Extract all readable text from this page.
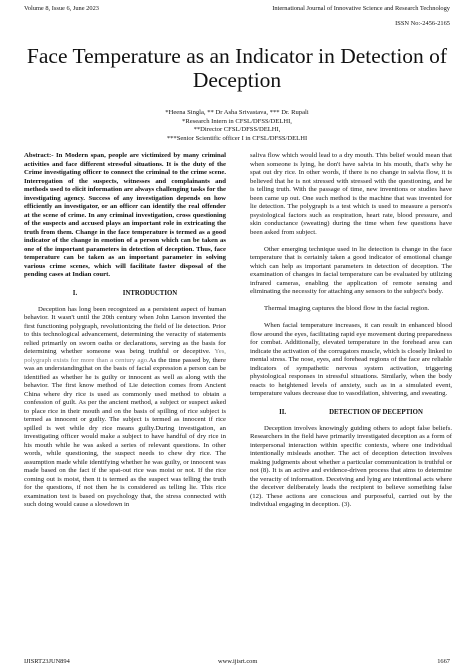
Volume 8, Issue 6, June 2023	International Journal of Innovative Science and Research Technology
ISSN No:-2456-2165
Face Temperature as an Indicator in Detection of Deception
*Heena Singla, ** Dr Asha Srivastava, *** Dr. Rupali
*Research Intern in CFSL/DFSS/DELHI,
**Director CFSL/DFSS/DELHI,
***Senior Scientific officer I in CFSL/DFSS/DELHI

Abstract:- In Modern span, people are victimized by many criminal activities and face different stressful situations. It is the duty of the Crime investigating officer to connect the criminal to the crime scene. Interrogation of the suspects, witnesses and complainants and methods used to elicit information are always challenging tasks for the investigating agency. Success of any investigation depends on how efficiently an investigator, or an officer can identify the real offender at the scene of crime. In any criminal investigation, cross questioning of the suspects and accused plays an important role in extricating the truth from them. Change in the face temperature is termed as a good indicator of the change in emotion of a person which can be taken as one of the important parameters in detection of deception. Thus, face temperature can be taken as an important parameter in solving various crime scenes, which will facilitate faster disposal of the pending cases at Indian court.

I.	INTRODUCTION

Deception has long been recognized as a persistent aspect of human behavior. It wasn't until the 20th century when John Larson invented the first functioning polygraph, revolutionizing the field of lie detection. Prior to this technological advancement, determining the veracity of statements relied primarily on sworn oaths or declarations, serving as the basis for determining whether someone was being truthful or deceptive. Yes, polygraph exists for more than a century ago.As the time passed by, there was an understandingthat on the basis of facial expression a person can be identified as whether he is guilty or innocent as well as along with the behavior. The first know method of Lie detection comes from Ancient China where dry rice is used as commonly used method to obtain a confession of guilt. As per the ancient method, a subject or suspect asked to place rice in their mouth and on the basis of spilling of rice subject is termed as innocent or guilty. The subject is termed as innocent if rice spilled is wet while dry rice means guilty.During investigation, an investigating officer would make a subject to have handful of dry rice in his mouth while he was asked a series of relevant questions. In other words, while questioning, the suspect needs to chew dry rice. The assumption made while identifying whether he was guilty, or innocent was made based on the fact if the spat-out rice was moist or not. If the rice coming out is moist, then it is termed as the suspect was telling the truth for the questions, if not then he is considered as telling lie. This rice examination test is based on psychology that, the stress connected with such doing would cause a slowdown in

saliva flow which would lead to a dry mouth. This belief would mean that when someone is lying, he don't have salvia in his mouth, that's why he spat out dry rice. In other words, if there is no change in salvia flow, it is believed that he is not stressed with stressed with the questioning, and he is telling truth. With the passage of time, new inventions or studies have been came up out. One such method is the machine that was invented for lie detection. The polygraph is a test which is used to measure a person's psysiological factors such as respiration, heart rate, blood pressure, and skin conductance (sweating) during the time when few questions have been asked from subject.

Other emerging technique used in lie detection is change in the face temperature that is certainly taken a good indicator of emotional change which can help as important parameters in detection of deception. The examination of changes in facial temperature can be evaluated by utilizing infrared cameras, enabling the application of remote sensing and eliminating the necessity for attaching any sensors to the subject's body.

Thermal imaging captures the blood flow in the facial region.

When facial temperature increases, it can result in enhanced blood flow around the eyes, facilitating rapid eye movement during preparedness for combat. Additionally, elevated temperature in the forehead area can indicate the activation of the corrugators muscle, which is closely linked to mental stress. The nose, eyes, and forehead regions of the face are reliable indicators of sympathetic nervous system activation, triggering physiological responses in stressful situations. Similarly, when the body reacts to heightened levels of anxiety, such as in a simulated event, temperature values decrease due to vasodilation, shivering, and sweating.

II.	DETECTION OF DECEPTION

Deception involves knowingly guiding others to adopt false beliefs. Researchers in the field have primarily investigated deception as a form of interpersonal interaction within specific contexts, where one individual intentionally misleads another. The act of deception detection involves making judgments about whether a particular communication is truthful or not (8). It is an active and evidence-driven process that aims to determine the veracity of information. Deceiving and lying are intentional acts where the deceiver deliberately leads the recipient to believe something false (12). These actions are conscious and purposeful, carried out by the individual engaging in deception. (3).

IJISRT23JUN894	www.ijisrt.com	1667
